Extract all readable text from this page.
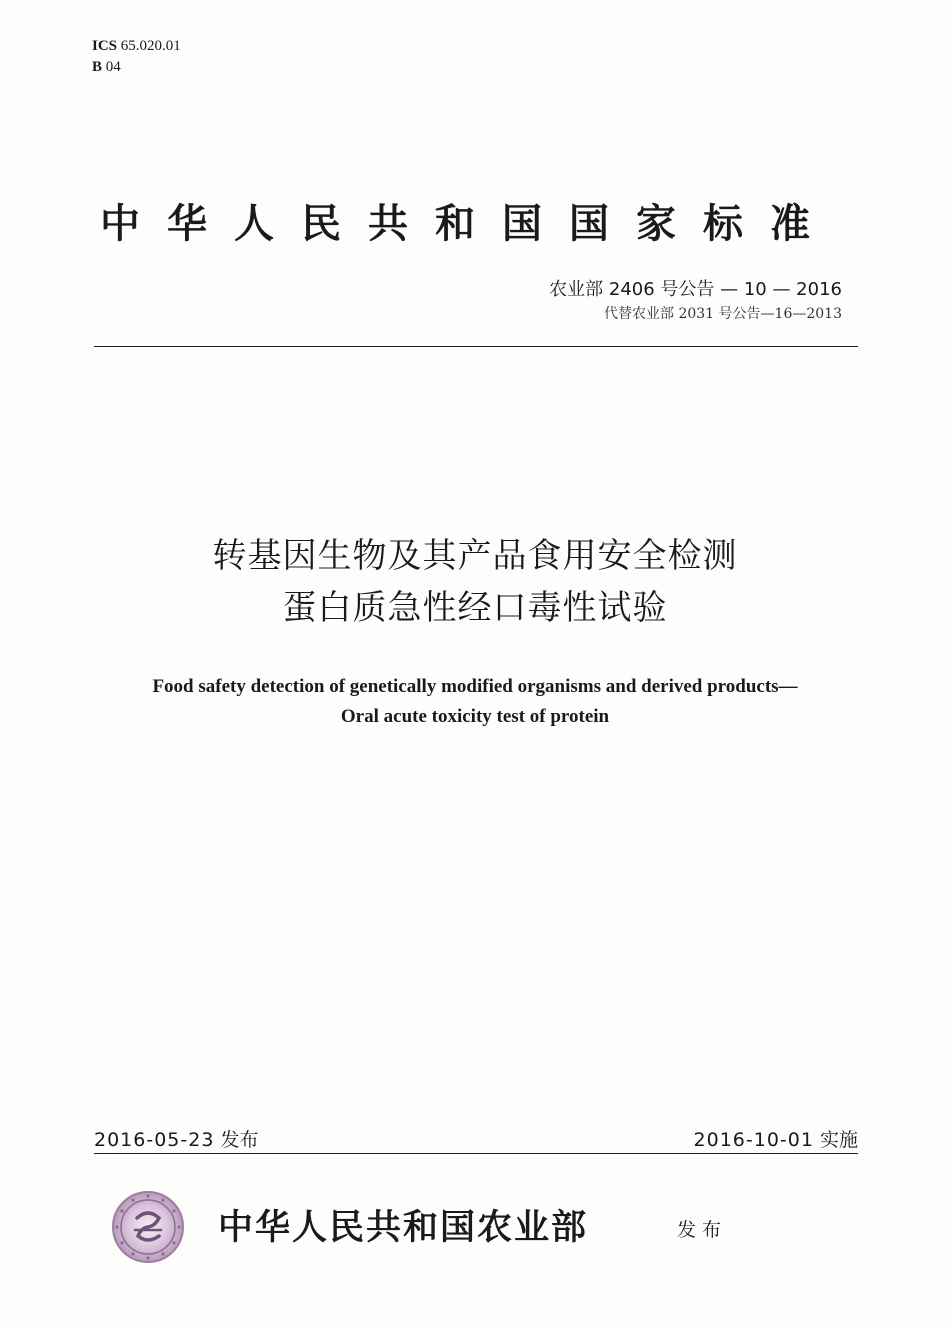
ICS 65.020.01
B 04
中华人民共和国国家标准
农业部 2406 号公告 — 10 — 2016
代替农业部 2031 号公告—16—2013
转基因生物及其产品食用安全检测
蛋白质急性经口毒性试验
Food safety detection of genetically modified organisms and derived products—
Oral acute toxicity test of protein
2016-05-23 发布	2016-10-01 实施
中华人民共和国农业部	发布
